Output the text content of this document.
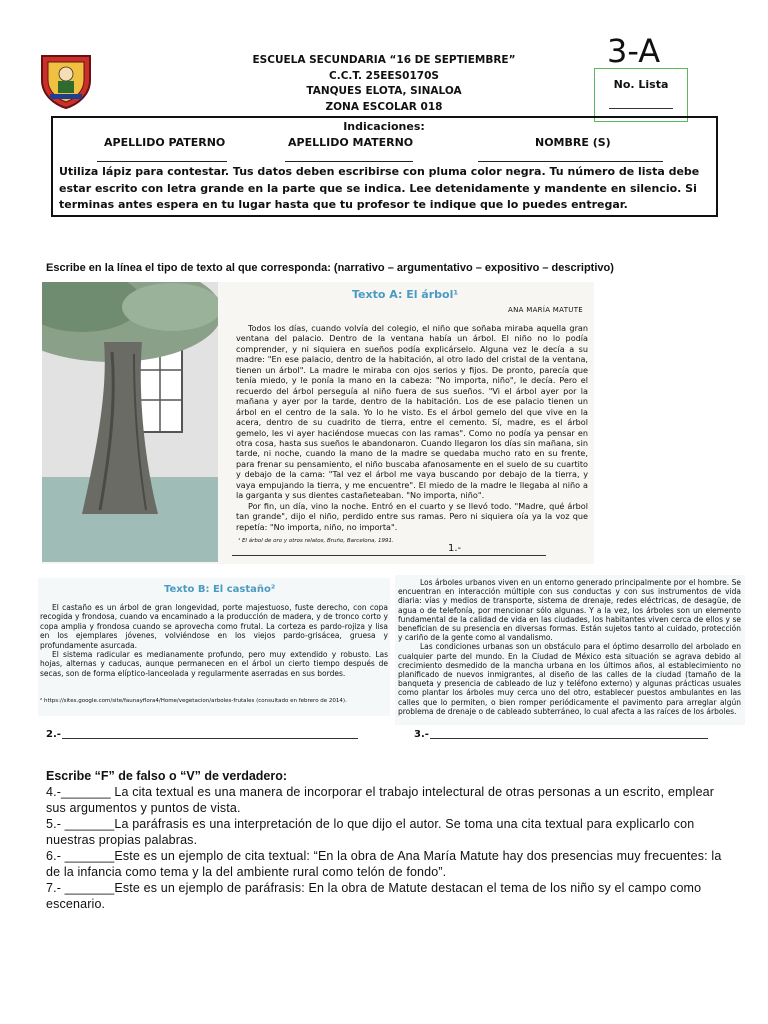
ESCUELA SECUNDARIA “16 DE SEPTIEMBRE”
C.C.T. 25EES0170S
TANQUES ELOTA, SINALOA
ZONA ESCOLAR 018
3-A
No. Lista
Indicaciones:
APELLIDO PATERNO	APELLIDO MATERNO	NOMBRE (S)
Utiliza lápiz para contestar. Tus datos deben escribirse con pluma color negra. Tu número de lista debe estar escrito con letra grande en la parte que se indica. Lee detenidamente y mandente en silencio. Si terminas antes espera en tu lugar hasta que tu profesor te indique que lo puedes entregar.
Escribe en la línea el tipo de texto al que corresponda: (narrativo – argumentativo – expositivo – descriptivo)
Texto A: El árbol¹
ANA MARÍA MATUTE
Todos los días, cuando volvía del colegio, el niño que soñaba miraba aquella gran ventana del palacio. Dentro de la ventana había un árbol. El niño no lo podía comprender, y ni siquiera en sueños podía explicárselo. Alguna vez le decía a su madre: "En ese palacio, dentro de la habitación, al otro lado del cristal de la ventana, tienen un árbol". La madre le miraba con ojos serios y fijos. De pronto, parecía que tenía miedo, y le ponía la mano en la cabeza: "No importa, niño", le decía. Pero el recuerdo del árbol perseguía al niño fuera de sus sueños. "Vi el árbol ayer por la mañana y ayer por la tarde, dentro de la habitación. Los de ese palacio tienen un árbol en el centro de la sala. Yo lo he visto. Es el árbol gemelo del que vive en la acera, dentro de su cuadrito de tierra, entre el cemento. Sí, madre, es el árbol gemelo, les vi ayer haciéndose muecas con las ramas". Como no podía ya pensar en otra cosa, hasta sus sueños le abandonaron. Cuando llegaron los días sin mañana, sin tarde, ni noche, cuando la mano de la madre se quedaba mucho rato en su frente, para frenar su pensamiento, el niño buscaba afanosamente en el suelo de su cuartito y debajo de la cama: "Tal vez el árbol me vaya buscando por debajo de la tierra, y vaya empujando la tierra, y me encuentre". El miedo de la madre le llegaba al niño a la garganta y sus dientes castañeteaban. "No importa, niño".
Por fin, un día, vino la noche. Entró en el cuarto y se llevó todo. "Madre, qué árbol tan grande", dijo el niño, perdido entre sus ramas. Pero ni siquiera oía ya la voz que repetía: "No importa, niño, no importa".
¹ El árbol de oro y otros relatos, Bruño, Barcelona, 1991.
1.-
Texto B: El castaño²
El castaño es un árbol de gran longevidad, porte majestuoso, fuste derecho, con copa recogida y frondosa, cuando va encaminado a la producción de madera, y de tronco corto y copa amplia y frondosa cuando se aprovecha como frutal. La corteza es pardo-rojiza y lisa en los ejemplares jóvenes, volviéndose en los viejos pardo-grisácea, gruesa y profundamente asurcada.
El sistema radicular es medianamente profundo, pero muy extendido y robusto. Las hojas, alternas y caducas, aunque permanecen en el árbol un cierto tiempo después de secas, son de forma elíptico-lanceolada y regularmente aserradas en sus bordes.
² https://sites.google.com/site/faunayflora4/Home/vegetacion/arboles-frutales (consultado en febrero de 2014).
Los árboles urbanos viven en un entorno generado principalmente por el hombre. Se encuentran en interacción múltiple con sus conductas y con sus instrumentos de vida diaria: vías y medios de transporte, sistema de drenaje, redes eléctricas, de desagüe, de agua o de telefonía, por mencionar sólo algunas. Y a la vez, los árboles son un elemento fundamental de la calidad de vida en las ciudades, los habitantes viven cerca de ellos y se benefician de su presencia en diversas formas. Están sujetos tanto al cuidado, protección y cariño de la gente como al vandalismo.
Las condiciones urbanas son un obstáculo para el óptimo desarrollo del arbolado en cualquier parte del mundo. En la Ciudad de México esta situación se agrava debido al crecimiento desmedido de la mancha urbana en los últimos años, al establecimiento no planificado de nuevos inmigrantes, al diseño de las calles de la ciudad (tamaño de la banqueta y presencia de cableado de luz y teléfono externo) y algunas prácticas usuales como plantar los árboles muy cerca uno del otro, establecer puestos ambulantes en las calles que lo permiten, o bien romper periódicamente el pavimento para arreglar algún problema de drenaje o de cableado subterráneo, lo cual afecta a las raíces de los árboles.
2.-	3.-
Escribe “F” de falso o “V” de verdadero:
4.-_______ La cita textual es una manera de incorporar el trabajo intelectural de otras personas a un escrito, emplear sus argumentos y puntos de vista.
5.- _______La paráfrasis es una interpretación de lo que dijo el autor. Se toma una cita textual para explicarlo con nuestras propias palabras.
6.- _______Este es un ejemplo de cita textual: “En la obra de Ana María Matute hay dos presencias muy frecuentes: la de la infancia como tema y la del ambiente rural como telón de fondo”.
7.- _______Este es un ejemplo de paráfrasis: En la obra de Matute destacan el tema de los niño sy el campo como escenario.
